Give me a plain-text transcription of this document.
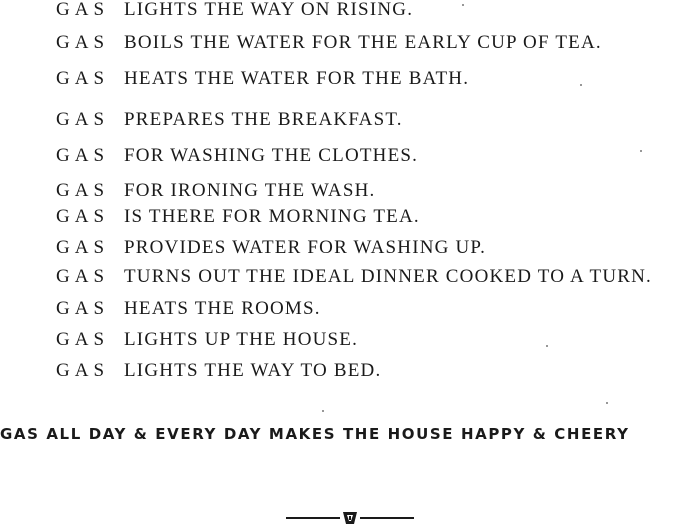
GAS LIGHTS THE WAY ON RISING.
GAS BOILS THE WATER FOR THE EARLY CUP OF TEA.
GAS HEATS THE WATER FOR THE BATH.
GAS PREPARES THE BREAKFAST.
GAS FOR WASHING THE CLOTHES.
GAS FOR IRONING THE WASH.
GAS IS THERE FOR MORNING TEA.
GAS PROVIDES WATER FOR WASHING UP.
GAS TURNS OUT THE IDEAL DINNER COOKED TO A TURN.
GAS HEATS THE ROOMS.
GAS LIGHTS UP THE HOUSE.
GAS LIGHTS THE WAY TO BED.
GAS ALL DAY & EVERY DAY MAKES THE HOUSE HAPPY & CHEERY
